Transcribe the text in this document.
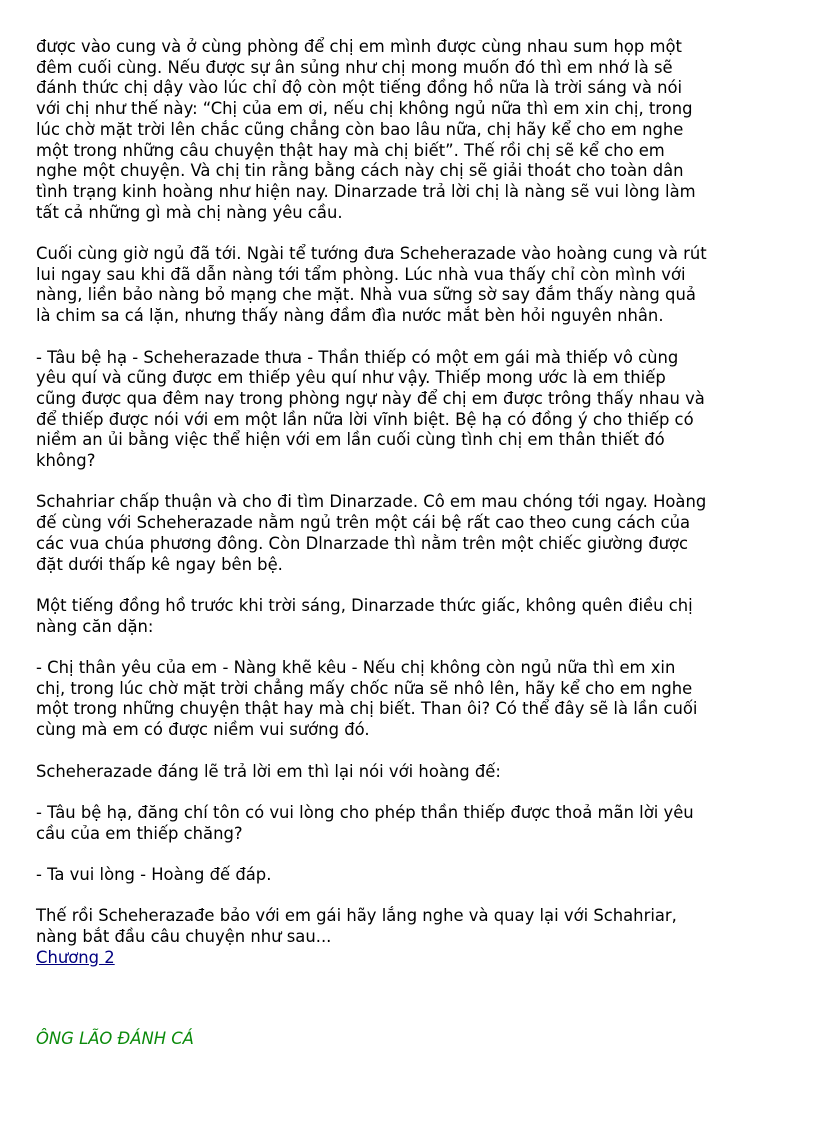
được vào cung và ở cùng phòng để chị em mình được cùng nhau sum họp một
đêm cuối cùng. Nếu được sự ân sủng như chị mong muốn đó thì em nhớ là sẽ
đánh thức chị dậy vào lúc chỉ độ còn một tiếng đồng hồ nữa là trời sáng và nói
với chị như thế này: “Chị của em ơi, nếu chị không ngủ nữa thì em xin chị, trong
lúc chờ mặt trời lên chắc cũng chẳng còn bao lâu nữa, chị hãy kể cho em nghe
một trong những câu chuyện thật hay mà chị biết”. Thế rồi chị sẽ kể cho em
nghe một chuyện. Và chị tin rằng bằng cách này chị sẽ giải thoát cho toàn dân
tình trạng kinh hoàng như hiện nay. Dinarzade trả lời chị là nàng sẽ vui lòng làm
tất cả những gì mà chị nàng yêu cầu.

Cuối cùng giờ ngủ đã tới. Ngài tể tướng đưa Scheherazade vào hoàng cung và rút
lui ngay sau khi đã dẫn nàng tới tẩm phòng. Lúc nhà vua thấy chỉ còn mình với
nàng, liền bảo nàng bỏ mạng che mặt. Nhà vua sững sờ say đắm thấy nàng quả
là chim sa cá lặn, nhưng thấy nàng đầm đìa nước mắt bèn hỏi nguyên nhân.

- Tâu bệ hạ - Scheherazade thưa - Thần thiếp có một em gái mà thiếp vô cùng
yêu quí và cũng được em thiếp yêu quí như vậy. Thiếp mong ước là em thiếp
cũng được qua đêm nay trong phòng ngự này để chị em được trông thấy nhau và
để thiếp được nói với em một lần nữa lời vĩnh biệt. Bệ hạ có đồng ý cho thiếp có
niềm an ủi bằng việc thể hiện với em lần cuối cùng tình chị em thân thiết đó
không?

Schahriar chấp thuận và cho đi tìm Dinarzade. Cô em mau chóng tới ngay. Hoàng
đế cùng với Scheherazade nằm ngủ trên một cái bệ rất cao theo cung cách của
các vua chúa phương đông. Còn Dlnarzade thì nằm trên một chiếc giường được
đặt dưới thấp kê ngay bên bệ.

Một tiếng đồng hồ trước khi trời sáng, Dinarzade thức giấc, không quên điều chị
nàng căn dặn:

- Chị thân yêu của em - Nàng khẽ kêu - Nếu chị không còn ngủ nữa thì em xin
chị, trong lúc chờ mặt trời chẳng mấy chốc nữa sẽ nhô lên, hãy kể cho em nghe
một trong những chuyện thật hay mà chị biết. Than ôi? Có thể đây sẽ là lần cuối
cùng mà em có được niềm vui sướng đó.

Scheherazade đáng lẽ trả lời em thì lại nói với hoàng đế:

- Tâu bệ hạ, đăng chí tôn có vui lòng cho phép thần thiếp được thoả mãn lời yêu
cầu của em thiếp chăng?

- Ta vui lòng - Hoàng đế đáp.

Thế rồi Scheherazađe bảo với em gái hãy lắng nghe và quay lại với Schahriar,
nàng bắt đầu câu chuyện như sau...

Chương 2
ÔNG LÃO ĐÁNH CÁ
